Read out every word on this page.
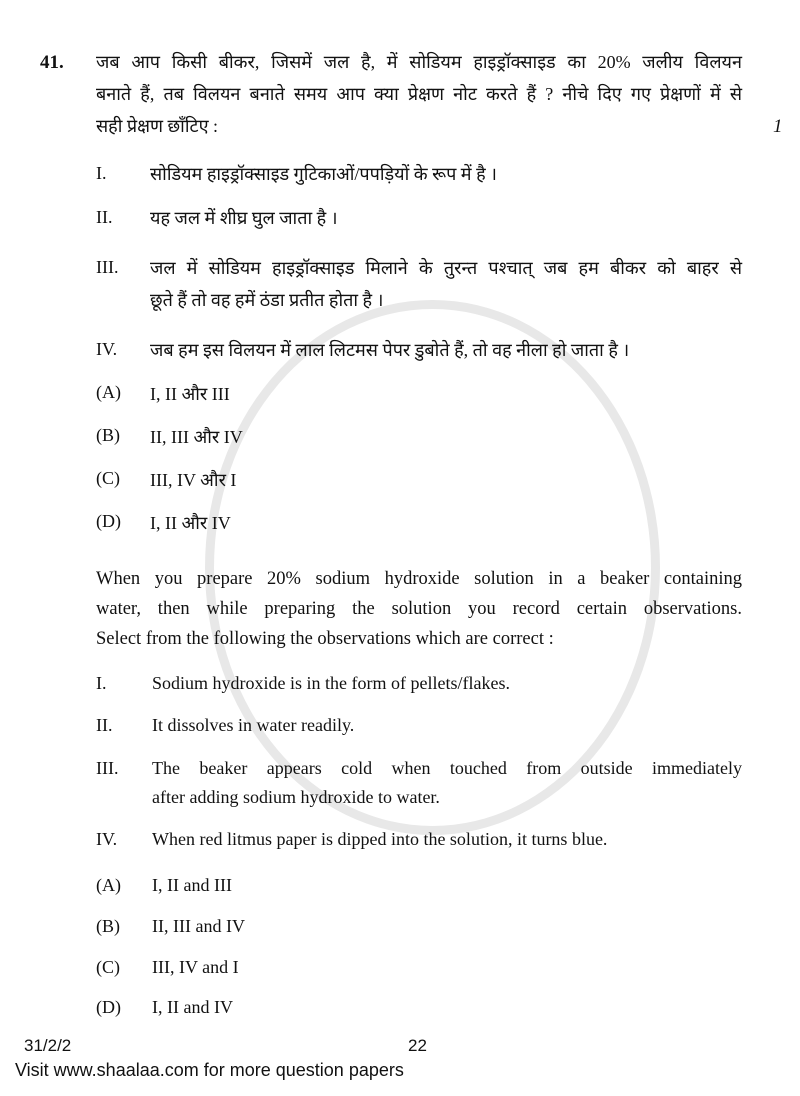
41. जब आप किसी बीकर, जिसमें जल है, में सोडियम हाइड्रॉक्साइड का 20% जलीय विलयन
बनाते हैं, तब विलयन बनाते समय आप क्या प्रेक्षण नोट करते हैं ? नीचे दिए गए प्रेक्षणों में से
सही प्रेक्षण छाँटिए :	1
I. सोडियम हाइड्रॉक्साइड गुटिकाओं/पपड़ियों के रूप में है ।
II. यह जल में शीघ्र घुल जाता है ।
III. जल में सोडियम हाइड्रॉक्साइड मिलाने के तुरन्त पश्चात् जब हम बीकर को बाहर से
छूते हैं तो वह हमें ठंडा प्रतीत होता है ।
IV. जब हम इस विलयन में लाल लिटमस पेपर डुबोते हैं, तो वह नीला हो जाता है ।
(A) I, II और III
(B) II, III और IV
(C) III, IV और I
(D) I, II और IV
When you prepare 20% sodium hydroxide solution in a beaker containing
water, then while preparing the solution you record certain observations.
Select from the following the observations which are correct :
I.	Sodium hydroxide is in the form of pellets/flakes.
II. It dissolves in water readily.
III. The beaker appears cold when touched from outside immediately
after adding sodium hydroxide to water.
IV. When red litmus paper is dipped into the solution, it turns blue.
(A) I, II and III
(B) II, III and IV
(C) III, IV and I
(D) I, II and IV
31/2/2	22
Visit www.shaalaa.com for more question papers
